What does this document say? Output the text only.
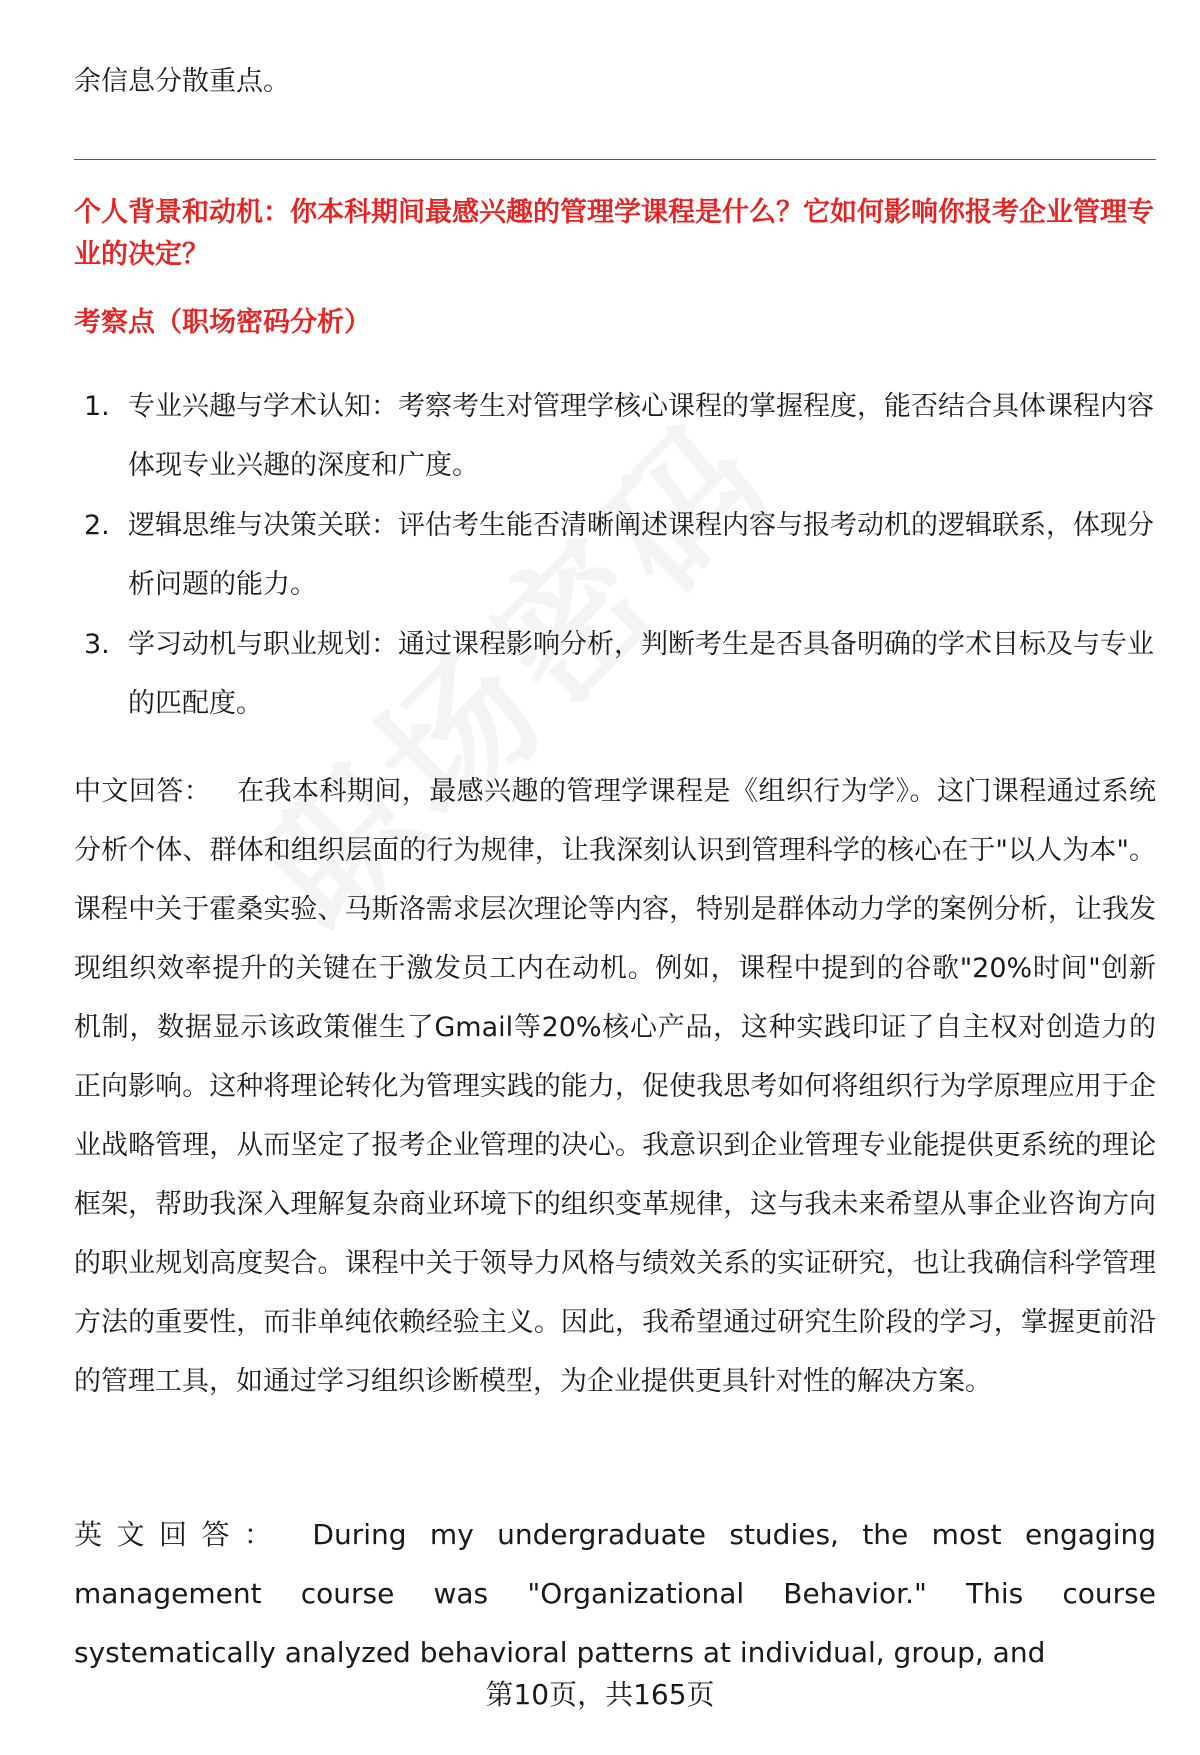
余信息分散重点。
个人背景和动机：你本科期间最感兴趣的管理学课程是什么？它如何影响你报考企业管理专业的决定？
考察点（职场密码分析）
1. 专业兴趣与学术认知：考察考生对管理学核心课程的掌握程度，能否结合具体课程内容体现专业兴趣的深度和广度。
2. 逻辑思维与决策关联：评估考生能否清晰阐述课程内容与报考动机的逻辑联系，体现分析问题的能力。
3. 学习动机与职业规划：通过课程影响分析，判断考生是否具备明确的学术目标及与专业的匹配度。

中文回答： 在我本科期间，最感兴趣的管理学课程是《组织行为学》。这门课程通过系统分析个体、群体和组织层面的行为规律，让我深刻认识到管理科学的核心在于"以人为本"。课程中关于霍桑实验、马斯洛需求层次理论等内容，特别是群体动力学的案例分析，让我发现组织效率提升的关键在于激发员工内在动机。例如，课程中提到的谷歌"20%时间"创新机制，数据显示该政策催生了Gmail等20%核心产品，这种实践印证了自主权对创造力的正向影响。这种将理论转化为管理实践的能力，促使我思考如何将组织行为学原理应用于企业战略管理，从而坚定了报考企业管理的决心。我意识到企业管理专业能提供更系统的理论框架，帮助我深入理解复杂商业环境下的组织变革规律，这与我未来希望从事企业咨询方向的职业规划高度契合。课程中关于领导力风格与绩效关系的实证研究，也让我确信科学管理方法的重要性，而非单纯依赖经验主义。因此，我希望通过研究生阶段的学习，掌握更前沿的管理工具，如通过学习组织诊断模型，为企业提供更具针对性的解决方案。

英文回答： During my undergraduate studies, the most engaging management course was "Organizational Behavior." This course systematically analyzed behavioral patterns at individual, group, and

第10页，共165页
